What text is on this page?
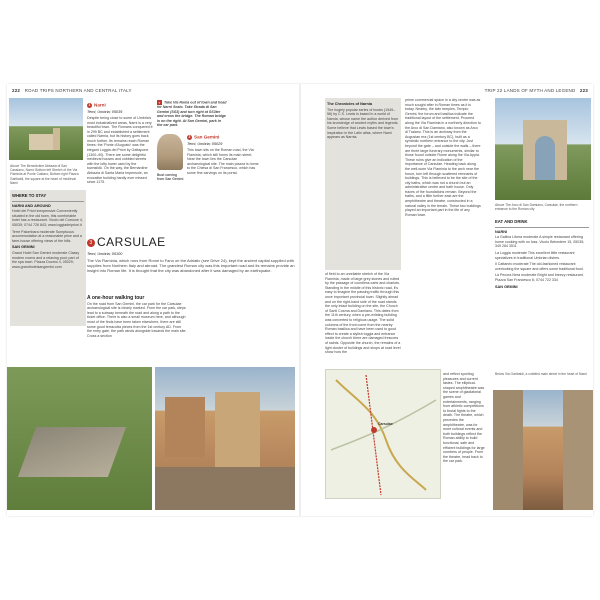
222 ROAD TRIPS NORTHERN AND CENTRAL ITALY
Above The Benedictine Abbazia di San Cassiano, Narni; Bottom left Stretch of the Via Flaminia at Ponte Caldaro; Bottom right Piazza Garibaldi, the square at the heart of medieval Narni
WHERE TO STAY
NARNI AND AROUND

Hotel dei Priori inexpensive Conveniently situated in the old town, this comfortable hotel has a restaurant. Vicolo del Comune 4, 05035; 0744 726 843; www.loggiadeipriori.it

Terre Palombara moderate Sumptuous accommodation at a reasonable price and a farm-house offering views of the hills.

SAN GEMINI

Grand Hotel San Gemini moderate Classy modern rooms and a relaxing pool; part of the spa town. Piazza Duomo 4, 05029; www.grandhotelsangemini.com

1 Narni
Terni, Umbria; 05035

Despite being close to some of Umbria's most industrialized areas, Narni is a very beautiful town. The Romans conquered it in 299 BC and established a settlement called Narnia, but its history goes back much further. Its remains reach Roman times: the 'Ponte d'Augusto' was the elegant Loggia dei Priori by Gattapone (1300–90). There are some delightful medieval houses and cobbled streets with the lofty tower used by the townsfolk. On the way, the Bernardine Abbazia di Santa Maria Impensole, an evocative building hardly ever missed since 1175.

▪ Take Via Roma out of town and head for Narni Scalo. Take Strada di San Gemini (SS3) and turn right at SS3ter and cross the bridge. The Roman bridge is on the right. At San Gemini, park in the car park.
Bust carving from San Gemini
2 San Gemini
Terni, Umbria; 05029

This town sits on the Roman road, the Via Flaminia, which still forms its main street. Near the town lies the Carsulae archaeological site. The main piazza is home to the Chiesa di San Francesco, which has some fine carvings on its portal.

3 CARSULAE
Terni, Umbria; 05100

The Via Flaminia, which runs from Rome to Fano on the Adriatic (see Drive 24), kept the ancient capital supplied with supplies from Northern Italy and abroad. The grandest Roman city was this important road and its remains provide an insight into Roman life. It is thought that the city was abandoned after it was damaged by an earthquake.

A one-hour walking tour

On the road from San Gemini, the car park for the Carsulae archaeological site is clearly marked. From the car park, steps lead to a subway beneath the road and along a path to the ticket office. There is also a small museum here, and although most of the finds have been taken elsewhere, there are still some good terracotta pieces from the 1st century AD. From the entry gate, the path winds alongside towards the main site. Cross a section

TRIP 22 LANDS OF MYTH AND LEGEND 223
The Chronicles of Narnia

The hugely popular series of books (1949–56) by C.S. Lewis is based in a world of Narnia, whose name the author derived from his knowledge of ancient myths and legends. Some believe that Lewis based the town's inspiration in the Latin atlas, where Narni appears as Narnia.

of field to an unreliable stretch of the Via Flaminia, made of large grey stones and rutted by the passage of countless carts and chariots. Standing in the middle of this historic road, it's easy to imagine the passing traffic through this once important provincial town. Slightly ahead and on the right-hand side of the road stands the only intact building on the site, the Church of Santi Cosma and Damiano. This dates from the 11th century, when a pre-existing building was converted to religious usage. The solid columns of the front come from the nearby Roman basilica and have been used to good effect to create a stylish loggia and entrance inside the church there are damaged frescoes of saints. Opposite the church, the remains of a light cluster of buildings and shops at road level show how the
prime commercial space in a city centre was as much sought after in Roman times as it is today. Nearby, the twin temples, Tempio Gemini, the forum and basilica indicate the traditional layout of the settlement. Proceed along the Via Flaminia in a northerly direction to the Arco di San Damiano, also known as Arco di Traiano. This is an archway from the Augustan era (1st century BC), built as a symbolic northern entrance to the city. Just beyond the gate – and outside the walls – there are three large funerary monuments, similar to those found outside Rome along the Via Appia. These ruins give an indication of the importance of Carsulae. Heading back along the well-worn Via Flaminia to the arch near the forum, turn left through scattered remnants of buildings. This is believed to be the site of the city baths, which was not a church but an administrative centre and bath house. Only traces of the foundations remain. Beyond the baths, and a little further east are the amphitheatre and theatre, constructed in a natural valley in the terrain. These two buildings played an important part in the life of any Roman town.
Carsulae

and reflect sporting pleasures and current tastes. The elliptical-shaped amphitheatre was the scene of gladiatorial games and entertainments, ranging from athletic competitions to brutal fights to the death. The theatre, which precedes the amphitheatre, was for more cultural events and both buildings reflect the Roman ability to build functional, safe and efficient buildings for large numbers of people. From the theatre, head back to the car park.

Above The Arco di San Damiano, Carsulae, the northern entrance to the Roman city
EAT AND DRINK
NARNI

La Gallina Libera moderate A simple restaurant offering home cooking with no fuss. Vicolo Belvedere 15, 05035; 349 284 3511

La Loggia moderate This excellent little restaurant specializes in traditional Umbrian dishes.

Il Cattaneo moderate The old-fashioned restaurant overlooking the square and offers some traditional food.

La Pecora Nera moderate Bright and breezy restaurant. Piazza San Francesco 6; 0744 722 334

SAN GEMINI
Below Via Garibaldi, a cobbled main street in the heart of Narni
